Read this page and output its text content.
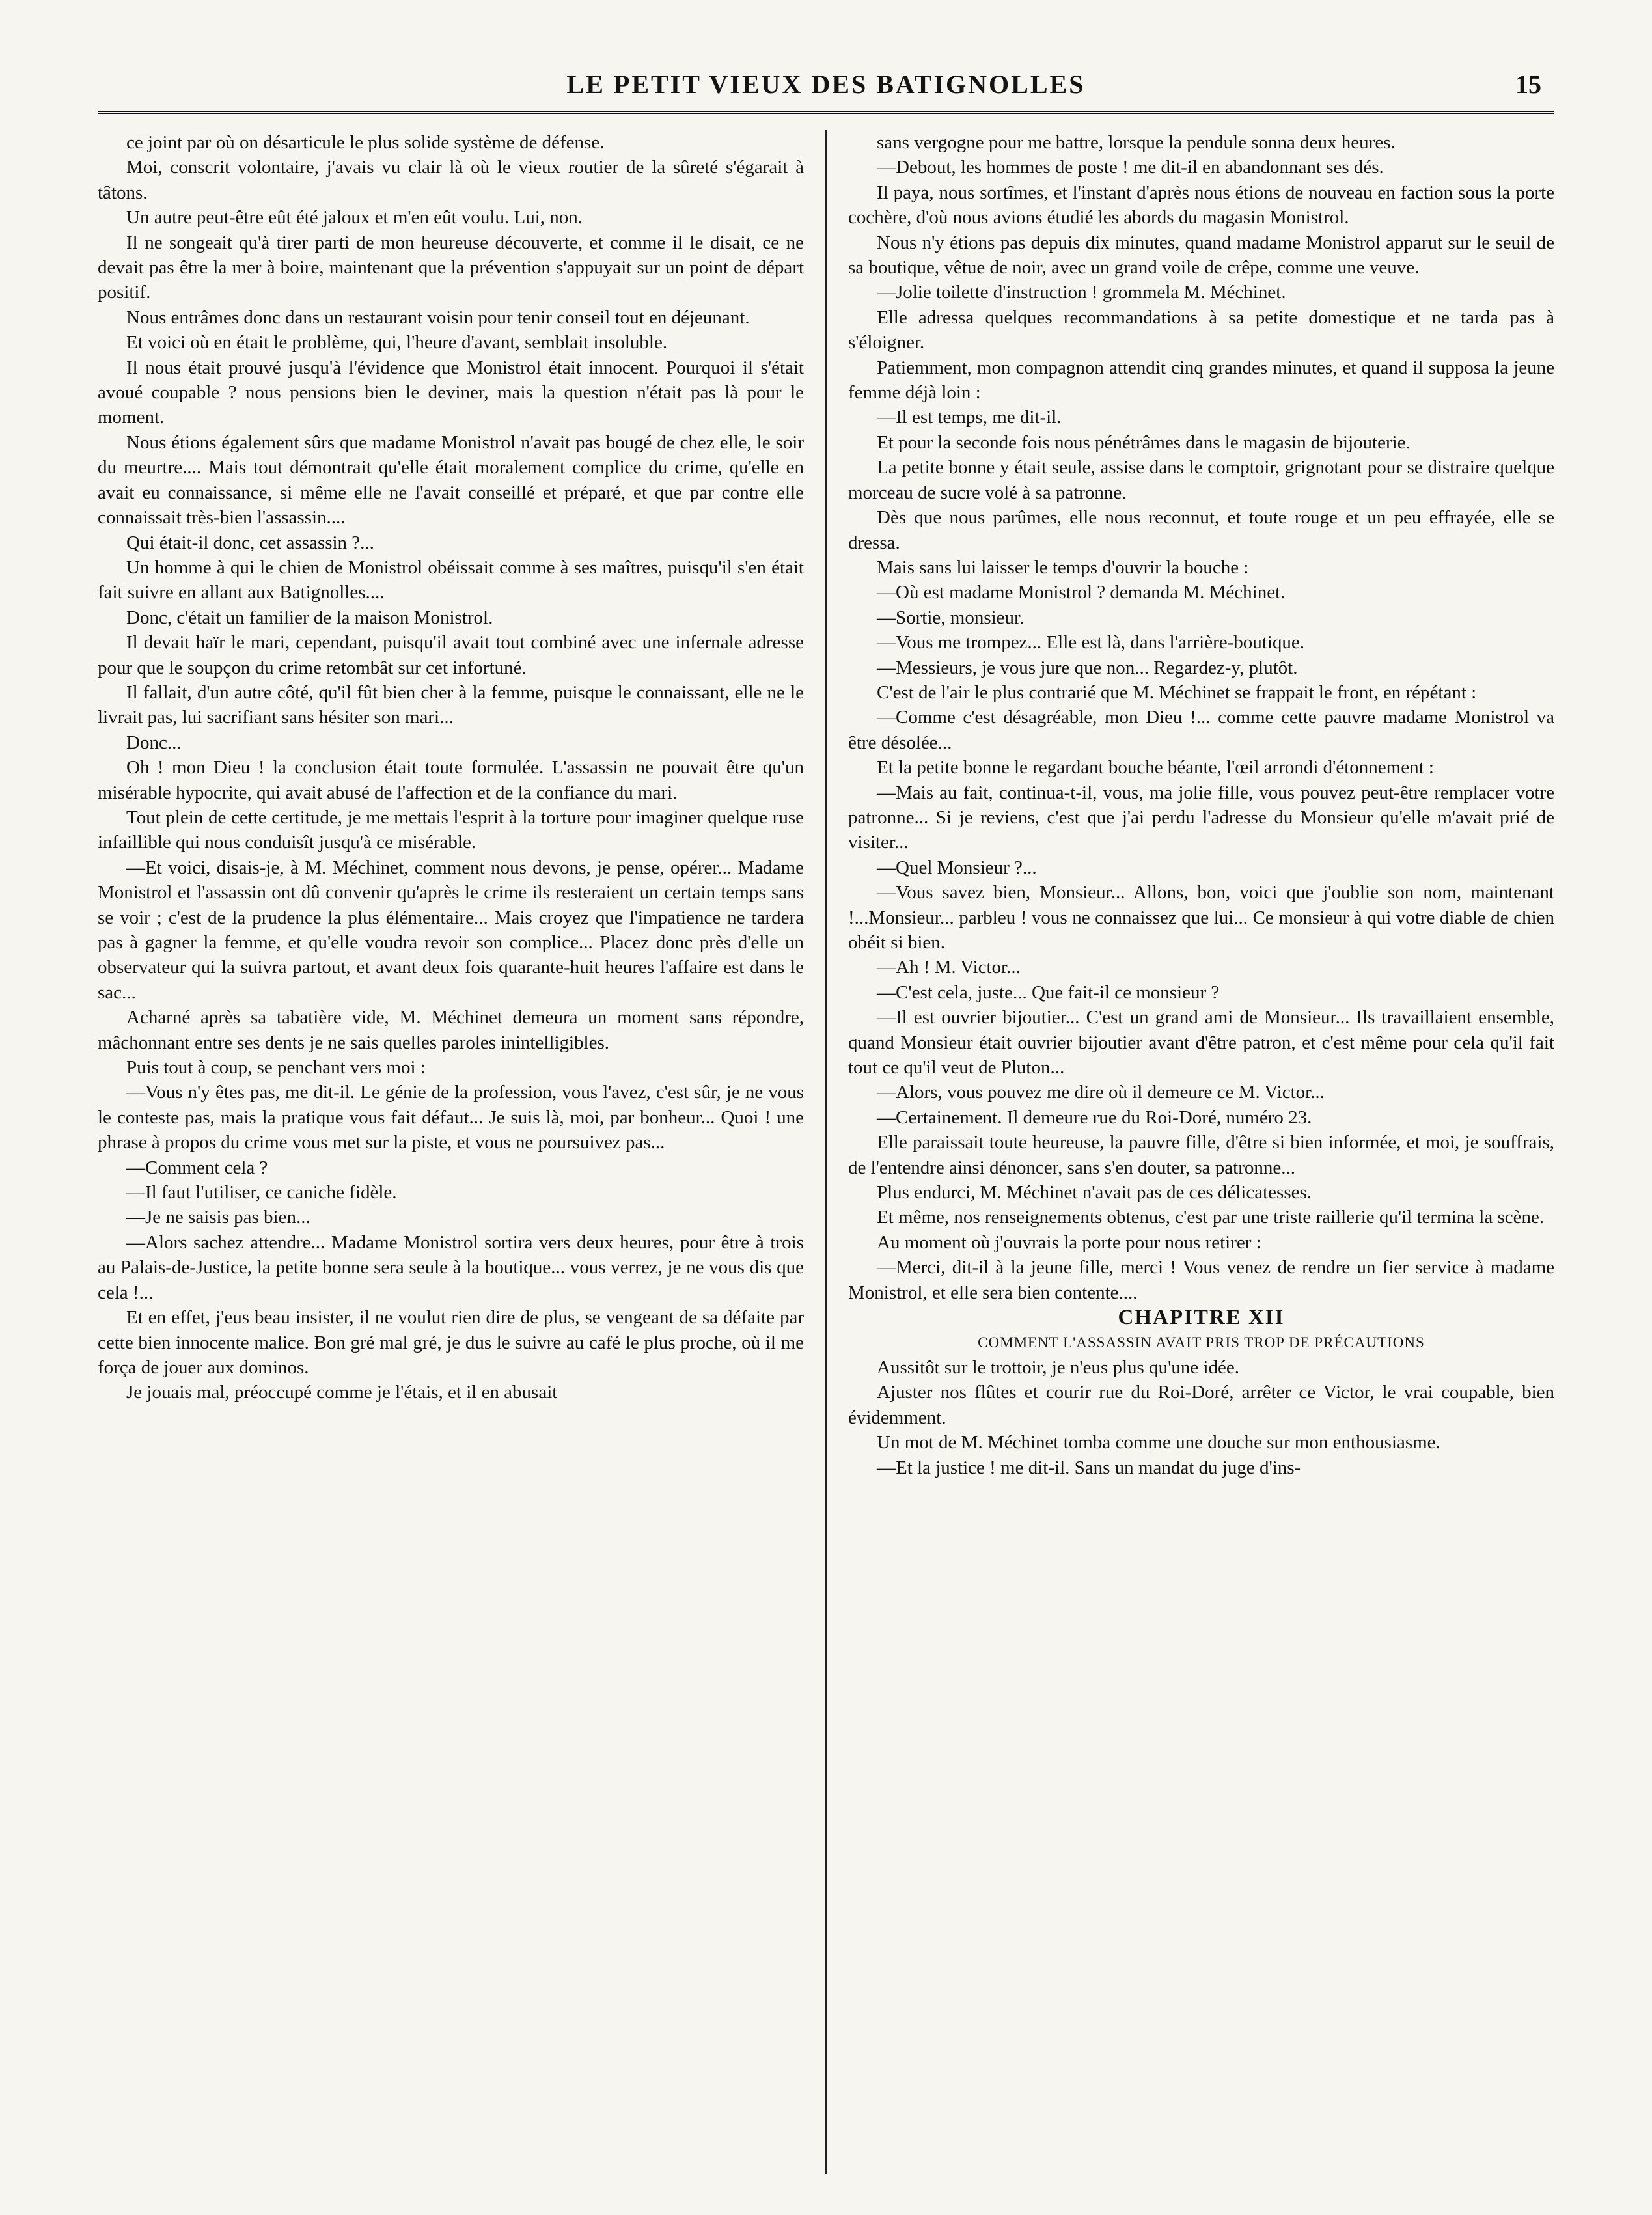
LE PETIT VIEUX DES BATIGNOLLES	15

ce joint par où on désarticule le plus solide système de défense.

Moi, conscrit volontaire, j'avais vu clair là où le vieux routier de la sûreté s'égarait à tâtons.

Un autre peut-être eût été jaloux et m'en eût voulu. Lui, non.

Il ne songeait qu'à tirer parti de mon heureuse découverte, et comme il le disait, ce ne devait pas être la mer à boire, maintenant que la prévention s'appuyait sur un point de départ positif.

Nous entrâmes donc dans un restaurant voisin pour tenir conseil tout en déjeunant.

Et voici où en était le problème, qui, l'heure d'avant, semblait insoluble.

Il nous était prouvé jusqu'à l'évidence que Monistrol était innocent. Pourquoi il s'était avoué coupable ? nous pensions bien le deviner, mais la question n'était pas là pour le moment.

Nous étions également sûrs que madame Monistrol n'avait pas bougé de chez elle, le soir du meurtre.... Mais tout démontrait qu'elle était moralement complice du crime, qu'elle en avait eu connaissance, si même elle ne l'avait conseillé et préparé, et que par contre elle connaissait très-bien l'assassin....

Qui était-il donc, cet assassin ?...

Un homme à qui le chien de Monistrol obéissait comme à ses maîtres, puisqu'il s'en était fait suivre en allant aux Batignolles....

Donc, c'était un familier de la maison Monistrol.

Il devait haïr le mari, cependant, puisqu'il avait tout combiné avec une infernale adresse pour que le soupçon du crime retombât sur cet infortuné.

Il fallait, d'un autre côté, qu'il fût bien cher à la femme, puisque le connaissant, elle ne le livrait pas, lui sacrifiant sans hésiter son mari...

Donc...

Oh ! mon Dieu ! la conclusion était toute formulée. L'assassin ne pouvait être qu'un misérable hypocrite, qui avait abusé de l'affection et de la confiance du mari.

Tout plein de cette certitude, je me mettais l'esprit à la torture pour imaginer quelque ruse infaillible qui nous conduisît jusqu'à ce misérable.

—Et voici, disais-je, à M. Méchinet, comment nous devons, je pense, opérer... Madame Monistrol et l'assassin ont dû convenir qu'après le crime ils resteraient un certain temps sans se voir ; c'est de la prudence la plus élémentaire... Mais croyez que l'impatience ne tardera pas à gagner la femme, et qu'elle voudra revoir son complice... Placez donc près d'elle un observateur qui la suivra partout, et avant deux fois quarante-huit heures l'affaire est dans le sac...

Acharné après sa tabatière vide, M. Méchinet demeura un moment sans répondre, mâchonnant entre ses dents je ne sais quelles paroles inintelligibles.

Puis tout à coup, se penchant vers moi :

—Vous n'y êtes pas, me dit-il. Le génie de la profession, vous l'avez, c'est sûr, je ne vous le conteste pas, mais la pratique vous fait défaut... Je suis là, moi, par bonheur... Quoi ! une phrase à propos du crime vous met sur la piste, et vous ne poursuivez pas...

—Comment cela ?

—Il faut l'utiliser, ce caniche fidèle.

—Je ne saisis pas bien...

—Alors sachez attendre... Madame Monistrol sortira vers deux heures, pour être à trois au Palais-de-Justice, la petite bonne sera seule à la boutique... vous verrez, je ne vous dis que cela !...

Et en effet, j'eus beau insister, il ne voulut rien dire de plus, se vengeant de sa défaite par cette bien innocente malice. Bon gré mal gré, je dus le suivre au café le plus proche, où il me força de jouer aux dominos.

Je jouais mal, préoccupé comme je l'étais, et il en abusait

sans vergogne pour me battre, lorsque la pendule sonna deux heures.

—Debout, les hommes de poste ! me dit-il en abandonnant ses dés.

Il paya, nous sortîmes, et l'instant d'après nous étions de nouveau en faction sous la porte cochère, d'où nous avions étudié les abords du magasin Monistrol.

Nous n'y étions pas depuis dix minutes, quand madame Monistrol apparut sur le seuil de sa boutique, vêtue de noir, avec un grand voile de crêpe, comme une veuve.

—Jolie toilette d'instruction ! grommela M. Méchinet.

Elle adressa quelques recommandations à sa petite domestique et ne tarda pas à s'éloigner.

Patiemment, mon compagnon attendit cinq grandes minutes, et quand il supposa la jeune femme déjà loin :

—Il est temps, me dit-il.

Et pour la seconde fois nous pénétrâmes dans le magasin de bijouterie.

La petite bonne y était seule, assise dans le comptoir, grignotant pour se distraire quelque morceau de sucre volé à sa patronne.

Dès que nous parûmes, elle nous reconnut, et toute rouge et un peu effrayée, elle se dressa.

Mais sans lui laisser le temps d'ouvrir la bouche :

—Où est madame Monistrol ? demanda M. Méchinet.

—Sortie, monsieur.

—Vous me trompez... Elle est là, dans l'arrière-boutique.

—Messieurs, je vous jure que non... Regardez-y, plutôt.

C'est de l'air le plus contrarié que M. Méchinet se frappait le front, en répétant :

—Comme c'est désagréable, mon Dieu !... comme cette pauvre madame Monistrol va être désolée...

Et la petite bonne le regardant bouche béante, l'œil arrondi d'étonnement :

—Mais au fait, continua-t-il, vous, ma jolie fille, vous pouvez peut-être remplacer votre patronne... Si je reviens, c'est que j'ai perdu l'adresse du Monsieur qu'elle m'avait prié de visiter...

—Quel Monsieur ?...

—Vous savez bien, Monsieur... Allons, bon, voici que j'oublie son nom, maintenant !...Monsieur... parbleu ! vous ne connaissez que lui... Ce monsieur à qui votre diable de chien obéit si bien.

—Ah ! M. Victor...

—C'est cela, juste... Que fait-il ce monsieur ?

—Il est ouvrier bijoutier... C'est un grand ami de Monsieur... Ils travaillaient ensemble, quand Monsieur était ouvrier bijoutier avant d'être patron, et c'est même pour cela qu'il fait tout ce qu'il veut de Pluton...

—Alors, vous pouvez me dire où il demeure ce M. Victor...

—Certainement. Il demeure rue du Roi-Doré, numéro 23.

Elle paraissait toute heureuse, la pauvre fille, d'être si bien informée, et moi, je souffrais, de l'entendre ainsi dénoncer, sans s'en douter, sa patronne...

Plus endurci, M. Méchinet n'avait pas de ces délicatesses.

Et même, nos renseignements obtenus, c'est par une triste raillerie qu'il termina la scène.

Au moment où j'ouvrais la porte pour nous retirer :

—Merci, dit-il à la jeune fille, merci ! Vous venez de rendre un fier service à madame Monistrol, et elle sera bien contente....

CHAPITRE XII

COMMENT L'ASSASSIN AVAIT PRIS TROP DE PRÉCAUTIONS

Aussitôt sur le trottoir, je n'eus plus qu'une idée.

Ajuster nos flûtes et courir rue du Roi-Doré, arrêter ce Victor, le vrai coupable, bien évidemment.

Un mot de M. Méchinet tomba comme une douche sur mon enthousiasme.

—Et la justice ! me dit-il. Sans un mandat du juge d'ins-
